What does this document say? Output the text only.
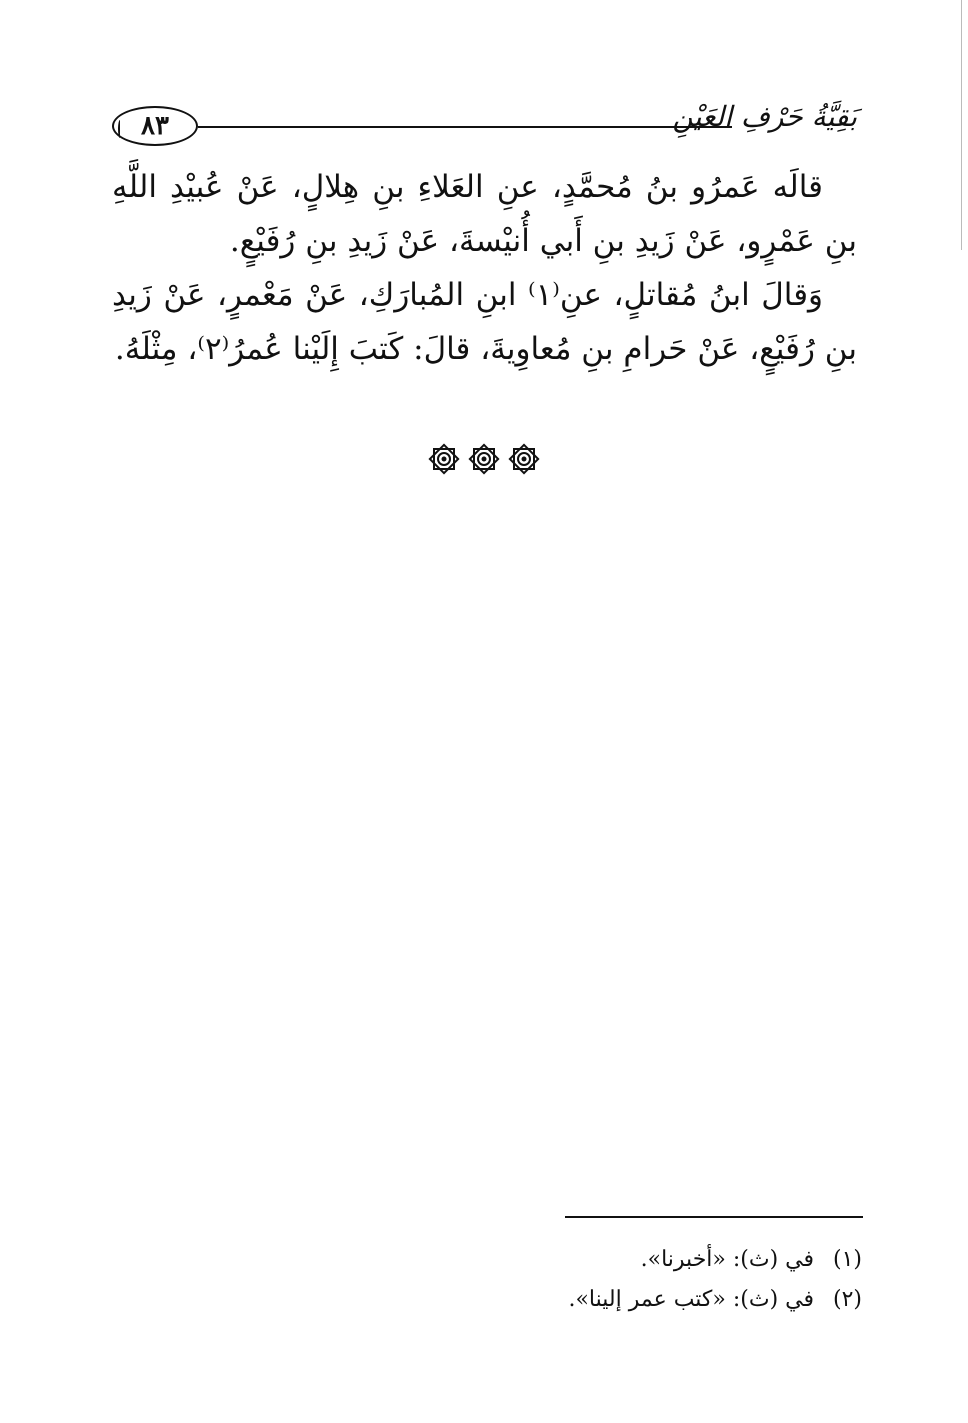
٨٣	بَقِيَّةُ حَرْفِ العَيْنِ

قالَه عَمرُو بنُ مُحمَّدٍ، عنِ العَلاءِ بنِ هِلالٍ، عَنْ عُبيْدِ اللَّهِ بنِ عَمْرٍو، عَنْ زَيدِ بنِ أَبي أُنيْسةَ، عَنْ زَيدِ بنِ رُفَيْعٍ.

وَقالَ ابنُ مُقاتلٍ، عنِ⁽١⁾ ابنِ المُبارَكِ، عَنْ مَعْمرٍ، عَنْ زَيدِ بنِ رُفَيْعٍ، عَنْ حَرامِ بنِ مُعاوِيةَ، قالَ: كَتبَ إِلَيْنا عُمرُ⁽٢⁾، مِثْلَهُ.

(١)
في (ث): «أخبرنا».
(٢)
في (ث): «كتب عمر إلينا».
